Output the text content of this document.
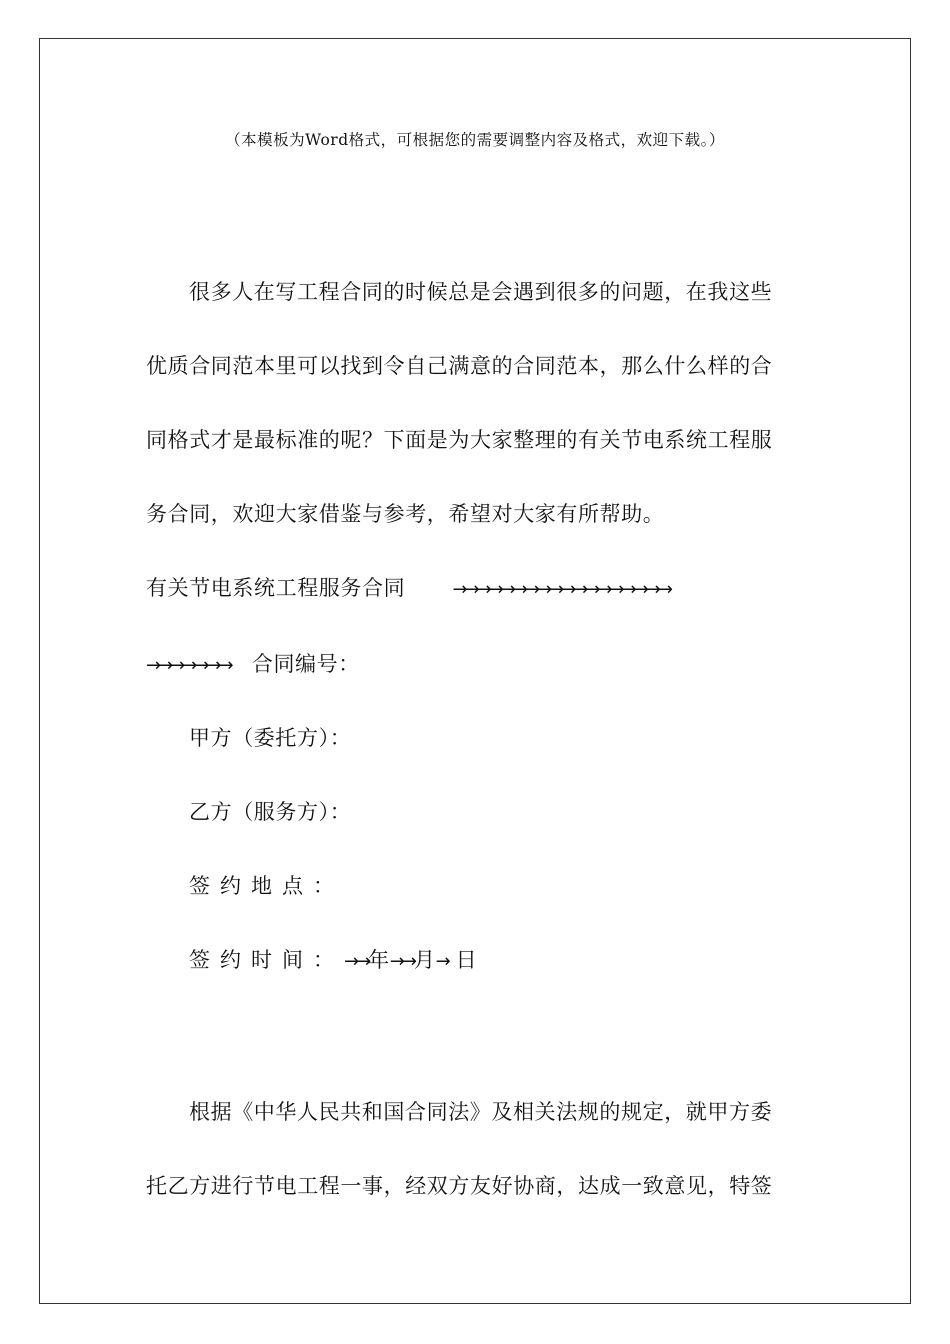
（本模板为Word格式，可根据您的需要调整内容及格式，欢迎下载。）
很多人在写工程合同的时候总是会遇到很多的问题，在我这些
优质合同范本里可以找到令自己满意的合同范本，那么什么样的合
同格式才是最标准的呢？下面是为大家整理的有关节电系统工程服
务合同，欢迎大家借鉴与参考，希望对大家有所帮助。
有关节电系统工程服务合同	→→→→→→→→→→→→→→→→→→
→→→→→→→ 合同编号：
甲方（委托方）：
乙方（服务方）：
签约地点：
签约时间：→→年→→月→ 日
根据《中华人民共和国合同法》及相关法规的规定，就甲方委
托乙方进行节电工程一事，经双方友好协商，达成一致意见，特签
